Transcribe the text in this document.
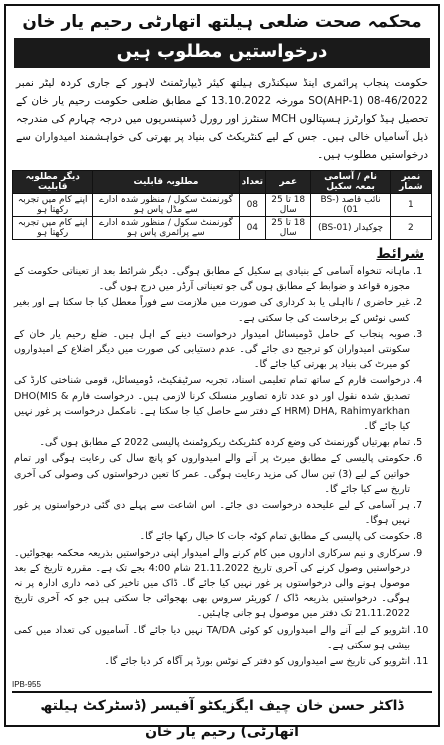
محکمہ صحت ضلعی ہیلتھ اتھارٹی رحیم یار خان
درخواستیں مطلوب ہیں
حکومت پنجاب پرائمری اینڈ سیکنڈری ہیلتھ کیئر ڈیپارٹمنٹ لاہور کے جاری کردہ لیٹر نمبر SO(AHP-1) 08-46/2022 مورخہ 13.10.2022 کے مطابق ضلعی حکومت رحیم یار خان کے تحصیل ہیڈ کوارٹرز ہسپتالوں MCH سنٹرز اور رورل ڈسپنسریوں میں درجہ چہارم کی مندرجہ ذیل آسامیاں خالی ہیں۔ جس کے لیے کنٹریکٹ کی بنیاد پر بھرتی کی خواہشمند امیدواران سے درخواستیں مطلوب ہیں۔
نمبر شمار	نام / آسامی بمعہ سکیل	عمر	تعداد	مطلوبہ قابلیت	دیگر مطلوبہ قابلیت
1	نائب قاصد (BS-01)	18 تا 25 سال	08	گورنمنٹ سکول / منظور شدہ ادارے سے مڈل پاس ہو	اپنے کام میں تجربہ رکھتا ہو
2	چوکیدار (BS-01)	18 تا 25 سال	04	گورنمنٹ سکول / منظور شدہ ادارے سے پرائمری پاس ہو	اپنے کام میں تجربہ رکھتا ہو
شرائط
1. ماہانہ تنخواہ آسامی کے بنیادی پے سکیل کے مطابق ہوگی۔ دیگر شرائط بعد از تعیناتی حکومت کے مجوزہ قواعد و ضوابط کے مطابق ہوں گی جو تعیناتی آرڈر میں درج ہوں گی۔
2. غیر حاضری / نااہلی یا بد کرداری کی صورت میں ملازمت سے فوراً معطل کیا جا سکتا ہے اور بغیر کسی نوٹس کے برخاست کی جا سکتی ہے۔
3. صوبہ پنجاب کے حامل ڈومیسائل امیدوار درخواست دینے کے اہل ہیں۔ ضلع رحیم یار خان کے سکونتی امیدواران کو ترجیح دی جائے گی۔ عدم دستیابی کی صورت میں دیگر اضلاع کے امیدواروں کو میرٹ کی بنیاد پر بھرتی کیا جائے گا۔
4. درخواست فارم کے ساتھ تمام تعلیمی اسناد، تجربہ سرٹیفکیٹ، ڈومیسائل، قومی شناختی کارڈ کی تصدیق شدہ نقول اور دو عدد تازہ تصاویر منسلک کرنا لازمی ہیں۔ درخواست فارم DHO(MIS & HRM) DHA, Rahimyarkhan کے دفتر سے حاصل کیا جا سکتا ہے۔ نامکمل درخواست پر غور نہیں کیا جائے گا۔
5. تمام بھرتیاں گورنمنٹ کی وضع کردہ کنٹریکٹ ریکروٹمنٹ پالیسی 2022 کے مطابق ہوں گی۔
6. حکومتی پالیسی کے مطابق میرٹ پر آنے والے امیدواروں کو پانچ سال کی رعایت ہوگی اور تمام خواتین کے لیے (3) تین سال کی مزید رعایت ہوگی۔ عمر کا تعین درخواستوں کی وصولی کی آخری تاریخ سے کیا جائے گا۔
7. ہر آسامی کے لیے علیحدہ درخواست دی جائے۔ اس اشاعت سے پہلے دی گئی درخواستوں پر غور نہیں ہوگا۔
8. حکومت کی پالیسی کے مطابق تمام کوٹہ جات کا خیال رکھا جائے گا۔
9. سرکاری و نیم سرکاری اداروں میں کام کرنے والے امیدوار اپنی درخواستیں بذریعہ محکمہ بھجوائیں۔ درخواستیں وصول کرنے کی آخری تاریخ 21.11.2022 شام 4:00 بجے تک ہے۔ مقررہ تاریخ کے بعد موصول ہونے والی درخواستوں پر غور نہیں کیا جائے گا۔ ڈاک میں تاخیر کی ذمہ داری ادارہ پر نہ ہوگی۔ درخواستیں بذریعہ ڈاک / کوریئر سروس بھی بھجوائی جا سکتی ہیں جو کہ آخری تاریخ 21.11.2022 تک دفتر میں موصول ہو جانی چاہئیں۔
10. انٹرویو کے لیے آنے والے امیدواروں کو کوئی TA/DA نہیں دیا جائے گا۔ آسامیوں کی تعداد میں کمی بیشی ہو سکتی ہے۔
11. انٹرویو کی تاریخ سے امیدواروں کو دفتر کے نوٹس بورڈ پر آگاہ کر دیا جائے گا۔
IPB-955
ڈاکٹر حسن خان چیف ایگزیکٹو آفیسر (ڈسٹرکٹ ہیلتھ اتھارٹی) رحیم یار خان
